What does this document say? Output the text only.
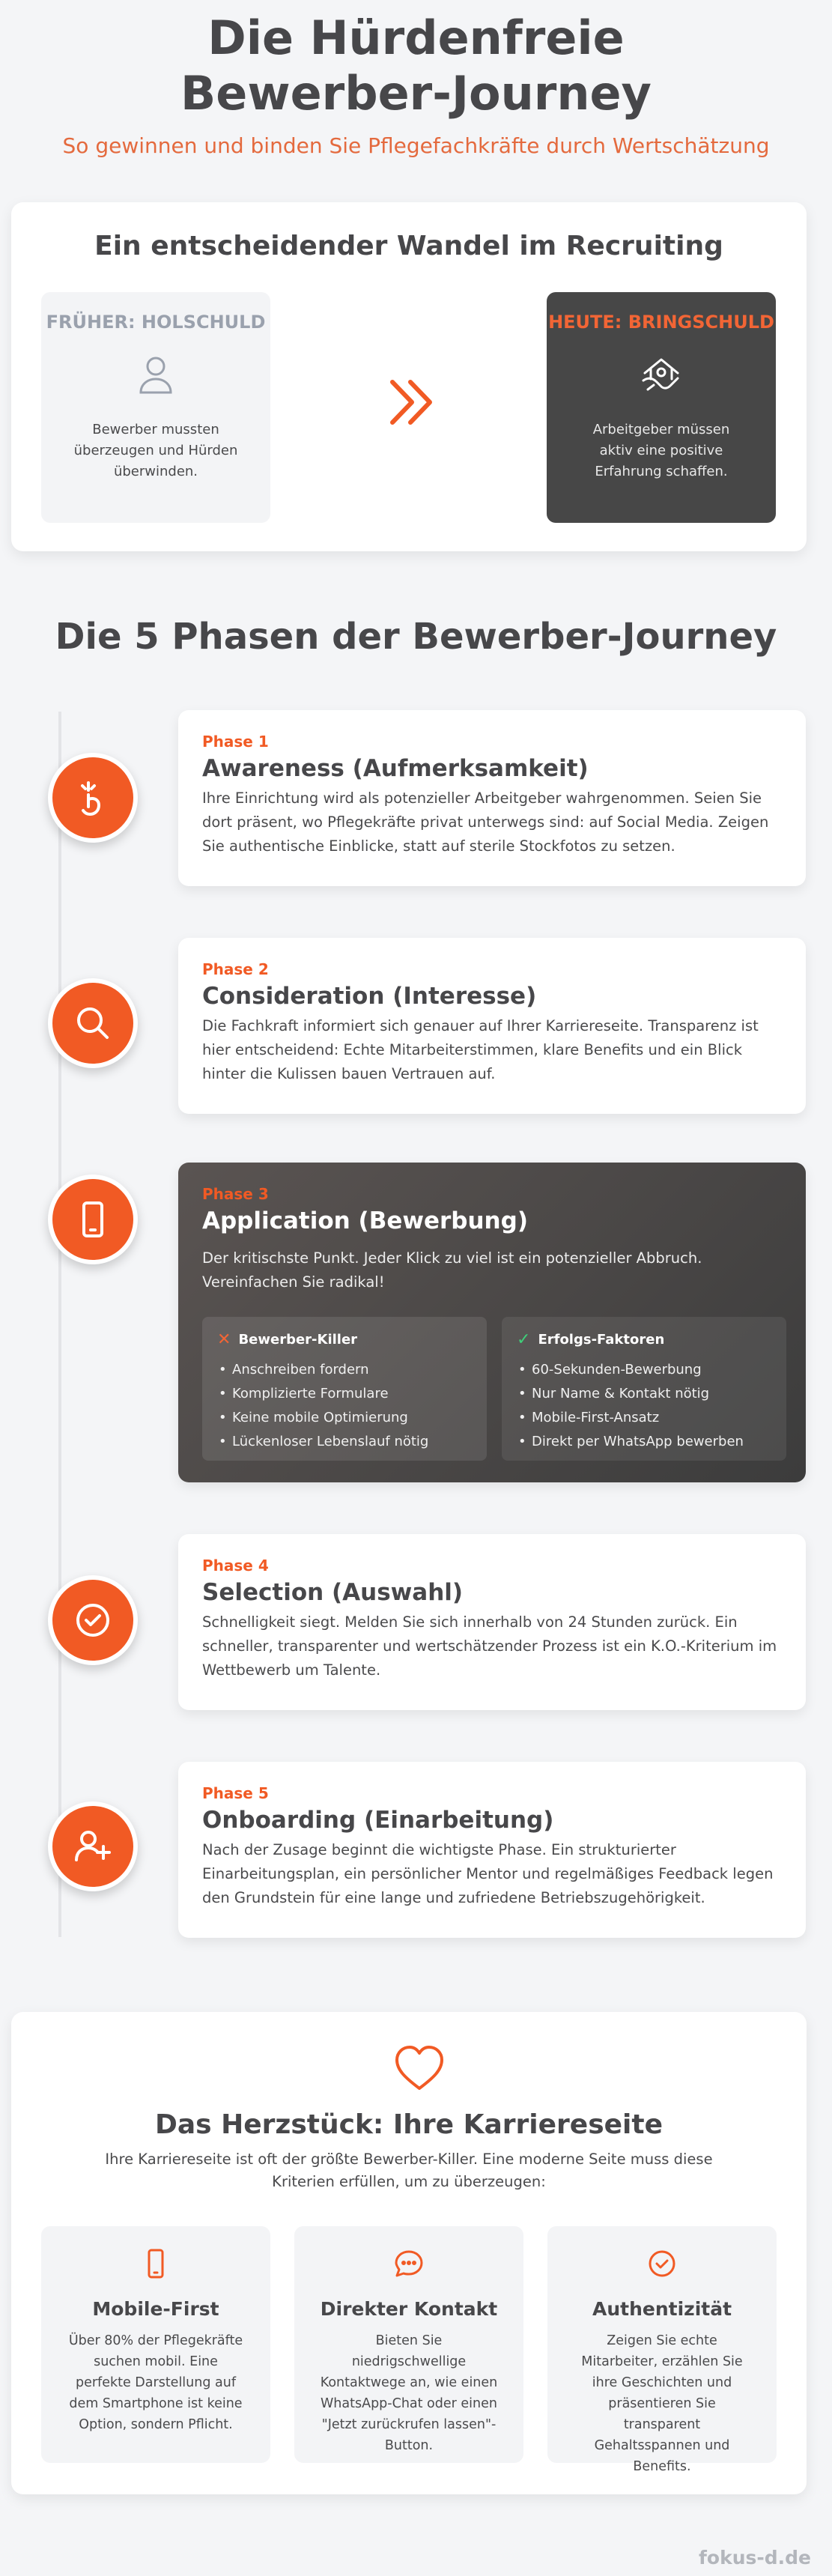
Die Hürdenfreie Bewerber-Journey
So gewinnen und binden Sie Pflegefachkräfte durch Wertschätzung
Ein entscheidender Wandel im Recruiting
FRÜHER: HOLSCHULD
Bewerber mussten überzeugen und Hürden überwinden.
HEUTE: BRINGSCHULD
Arbeitgeber müssen aktiv eine positive Erfahrung schaffen.
Die 5 Phasen der Bewerber-Journey
Phase 1
Awareness (Aufmerksamkeit)

Ihre Einrichtung wird als potenzieller Arbeitgeber wahrgenommen. Seien Sie dort präsent, wo Pflegekräfte privat unterwegs sind: auf Social Media. Zeigen Sie authentische Einblicke, statt auf sterile Stockfotos zu setzen.

Phase 2
Consideration (Interesse)

Die Fachkraft informiert sich genauer auf Ihrer Karriereseite. Transparenz ist hier entscheidend: Echte Mitarbeiterstimmen, klare Benefits und ein Blick hinter die Kulissen bauen Vertrauen auf.

Phase 3
Application (Bewerbung)

Der kritischste Punkt. Jeder Klick zu viel ist ein potenzieller Abbruch. Vereinfachen Sie radikal!

✕ Bewerber-Killer
• Anschreiben fordern
• Komplizierte Formulare
• Keine mobile Optimierung
• Lückenloser Lebenslauf nötig
✓ Erfolgs-Faktoren
• 60-Sekunden-Bewerbung
• Nur Name & Kontakt nötig
• Mobile-First-Ansatz
• Direkt per WhatsApp bewerben
Phase 4
Selection (Auswahl)

Schnelligkeit siegt. Melden Sie sich innerhalb von 24 Stunden zurück. Ein schneller, transparenter und wertschätzender Prozess ist ein K.O.-Kriterium im Wettbewerb um Talente.

Phase 5
Onboarding (Einarbeitung)

Nach der Zusage beginnt die wichtigste Phase. Ein strukturierter Einarbeitungsplan, ein persönlicher Mentor und regelmäßiges Feedback legen den Grundstein für eine lange und zufriedene Betriebszugehörigkeit.

Das Herzstück: Ihre Karriereseite

Ihre Karriereseite ist oft der größte Bewerber-Killer. Eine moderne Seite muss diese Kriterien erfüllen, um zu überzeugen:

Mobile-First
Über 80% der Pflegekräfte suchen mobil. Eine perfekte Darstellung auf dem Smartphone ist keine Option, sondern Pflicht.
Direkter Kontakt
Bieten Sie niedrigschwellige Kontaktwege an, wie einen WhatsApp-Chat oder einen "Jetzt zurückrufen lassen"-Button.
Authentizität
Zeigen Sie echte Mitarbeiter, erzählen Sie ihre Geschichten und präsentieren Sie transparent Gehaltsspannen und Benefits.
fokus-d.de
